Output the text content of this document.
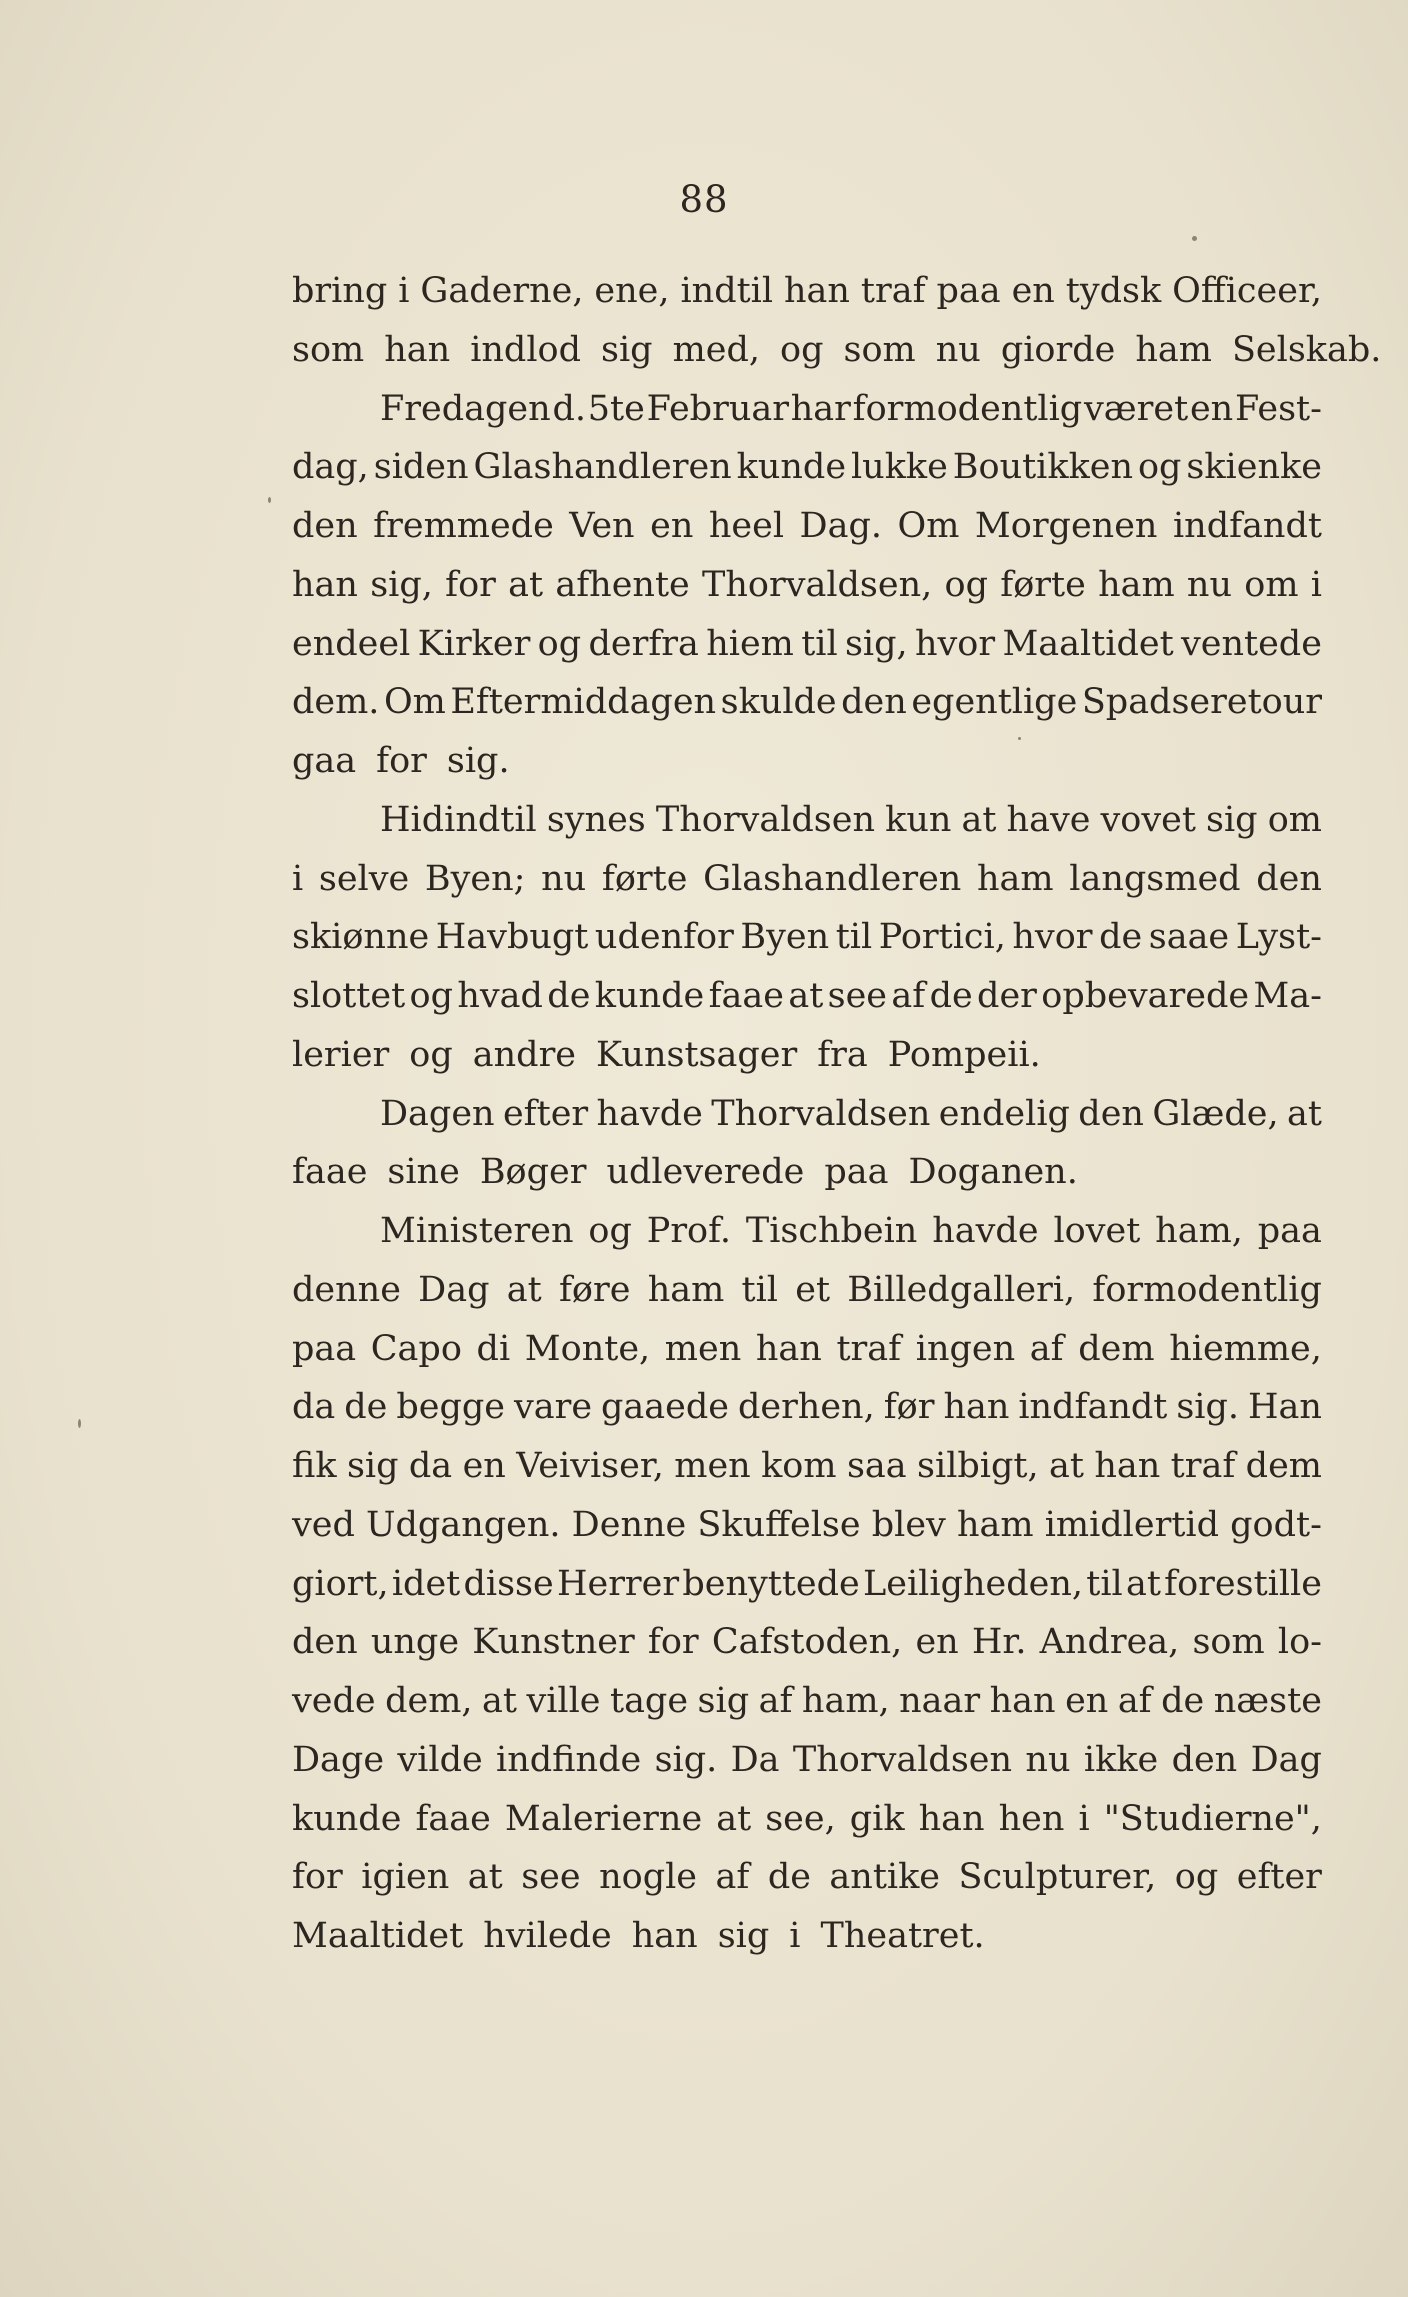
88
bring i Gaderne, ene, indtil han traf paa en tydsk Officeer,
som han indlod sig med, og som nu giorde ham Selskab.
Fredagen d. 5te Februar har formodentlig været en Fest-
dag, siden Glashandleren kunde lukke Boutikken og skienke
den fremmede Ven en heel Dag. Om Morgenen indfandt
han sig, for at afhente Thorvaldsen, og førte ham nu om i
endeel Kirker og derfra hiem til sig, hvor Maaltidet ventede
dem. Om Eftermiddagen skulde den egentlige Spadseretour
gaa for sig.
Hidindtil synes Thorvaldsen kun at have vovet sig om
i selve Byen; nu førte Glashandleren ham langsmed den
skiønne Havbugt udenfor Byen til Portici, hvor de saae Lyst-
slottet og hvad de kunde faae at see af de der opbevarede Ma-
lerier og andre Kunstsager fra Pompeii.
Dagen efter havde Thorvaldsen endelig den Glæde, at
faae sine Bøger udleverede paa Doganen.
Ministeren og Prof. Tischbein havde lovet ham, paa
denne Dag at føre ham til et Billedgalleri, formodentlig
paa Capo di Monte, men han traf ingen af dem hiemme,
da de begge vare gaaede derhen, før han indfandt sig. Han
fik sig da en Veiviser, men kom saa silbigt, at han traf dem
ved Udgangen. Denne Skuffelse blev ham imidlertid godt-
giort, idet disse Herrer benyttede Leiligheden, til at forestille
den unge Kunstner for Cafstoden, en Hr. Andrea, som lo-
vede dem, at ville tage sig af ham, naar han en af de næste
Dage vilde indfinde sig. Da Thorvaldsen nu ikke den Dag
kunde faae Malerierne at see, gik han hen i "Studierne",
for igien at see nogle af de antike Sculpturer, og efter
Maaltidet hvilede han sig i Theatret.
